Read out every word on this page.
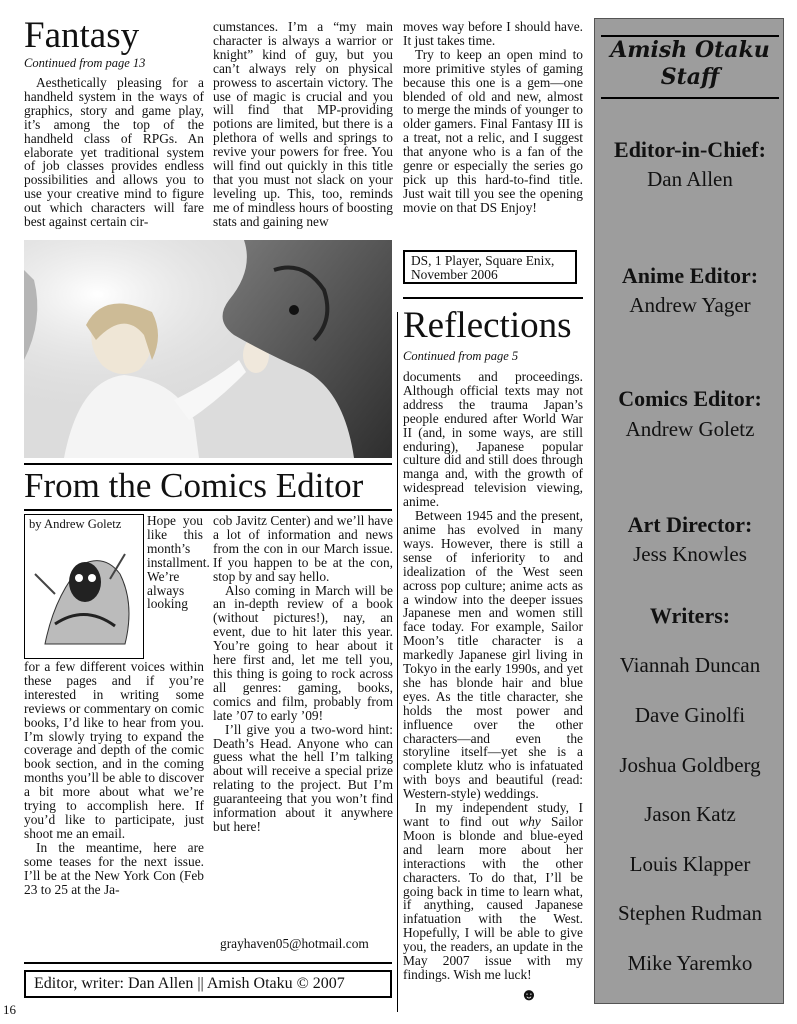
Fantasy
Continued from page 13
Aesthetically pleasing for a handheld system in the ways of graphics, story and game play, it’s among the top of the handheld class of RPGs. An elaborate yet traditional system of job classes provides endless possibilities and allows you to use your creative mind to figure out which characters will fare best against certain cir-
cumstances. I’m a “my main character is always a warrior or knight” kind of guy, but you can’t always rely on physical prowess to ascertain victory. The use of magic is crucial and you will find that MP-providing potions are limited, but there is a plethora of wells and springs to revive your powers for free. You will find out quickly in this title that you must not slack on your leveling up. This, too, reminds me of mindless hours of boosting stats and gaining new
moves way before I should have. It just takes time.
Try to keep an open mind to more primitive styles of gaming because this one is a gem—one blended of old and new, almost to merge the minds of younger to older gamers. Final Fantasy III is a treat, not a relic, and I suggest that anyone who is a fan of the genre or especially the series go pick up this hard-to-find title. Just wait till you see the opening movie on that DS Enjoy!
DS, 1 Player, Square Enix, November 2006
Reflections
Continued from page 5
documents and proceedings. Although official texts may not address the trauma Japan’s people endured after World War II (and, in some ways, are still enduring), Japanese popular culture did and still does through manga and, with the growth of widespread television viewing, anime.
Between 1945 and the present, anime has evolved in many ways. However, there is still a sense of inferiority to and idealization of the West seen across pop culture; anime acts as a window into the deeper issues Japanese men and women still face today. For example, Sailor Moon’s title character is a markedly Japanese girl living in Tokyo in the early 1990s, and yet she has blonde hair and blue eyes. As the title character, she holds the most power and influence over the other characters—and even the storyline itself—yet she is a complete klutz who is infatuated with boys and beautiful (read: Western-style) weddings.
In my independent study, I want to find out why Sailor Moon is blonde and blue-eyed and learn more about her interactions with the other characters. To do that, I’ll be going back in time to learn what, if anything, caused Japanese infatuation with the West. Hopefully, I will be able to give you, the readers, an update in the May 2007 issue with my findings. Wish me luck!
☻
From the Comics Editor
by Andrew Goletz	Hope you like this month’s installment. We’re always looking
for a few different voices within these pages and if you’re interested in writing some reviews or commentary on comic books, I’d like to hear from you. I’m slowly trying to expand the coverage and depth of the comic book section, and in the coming months you’ll be able to discover a bit more about what we’re trying to accomplish here. If you’d like to participate, just shoot me an email.
In the meantime, here are some teases for the next issue. I’ll be at the New York Con (Feb 23 to 25 at the Ja-
cob Javitz Center) and we’ll have a lot of information and news from the con in our March issue. If you happen to be at the con, stop by and say hello.
Also coming in March will be an in-depth review of a book (without pictures!), nay, an event, due to hit later this year. You’re going to hear about it here first and, let me tell you, this thing is going to rock across all genres: gaming, books, comics and film, probably from late ’07 to early ’09!
I’ll give you a two-word hint: Death’s Head. Anyone who can guess what the hell I’m talking about will receive a special prize relating to the project. But I’m guaranteeing that you won’t find information about it anywhere but here!
grayhaven05@hotmail.com
Editor, writer: Dan Allen || Amish Otaku © 2007
16
Amish Otaku
Staff
Editor-in-Chief:
Dan Allen
Anime Editor:
Andrew Yager
Comics Editor:
Andrew Goletz
Art Director:
Jess Knowles
Writers:
Viannah Duncan
Dave Ginolfi
Joshua Goldberg
Jason Katz
Louis Klapper
Stephen Rudman
Mike Yaremko
